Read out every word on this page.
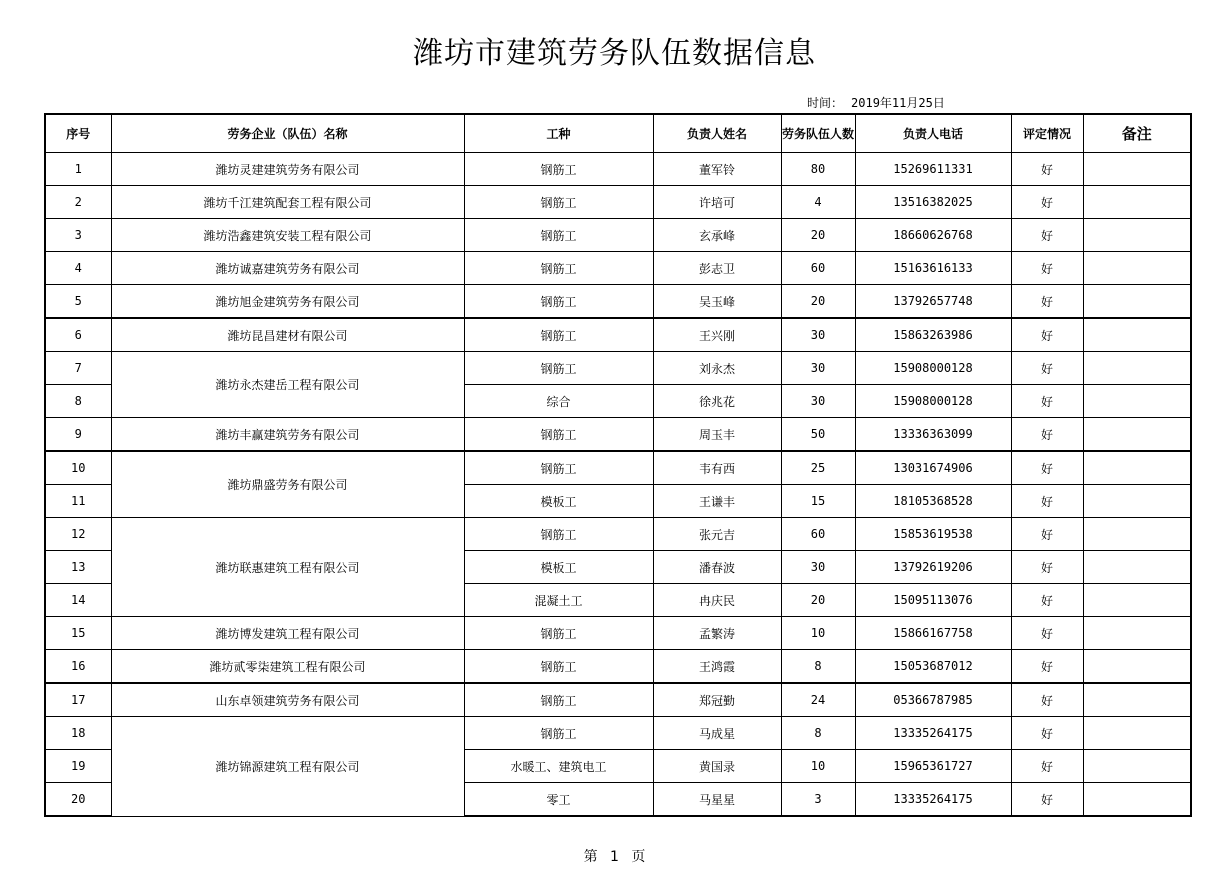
潍坊市建筑劳务队伍数据信息
时间： 2019年11月25日
序号	劳务企业（队伍）名称	工种	负责人姓名	劳务队伍人数	负责人电话	评定情况	备注
1	潍坊灵建建筑劳务有限公司	钢筋工	董军铃	80	15269611331	好	
2	潍坊千江建筑配套工程有限公司	钢筋工	许培可	4	13516382025	好	
3	潍坊浩鑫建筑安装工程有限公司	钢筋工	玄承峰	20	18660626768	好	
4	潍坊诚嘉建筑劳务有限公司	钢筋工	彭志卫	60	15163616133	好	
5	潍坊旭金建筑劳务有限公司	钢筋工	吴玉峰	20	13792657748	好	
6	潍坊昆昌建材有限公司	钢筋工	王兴刚	30	15863263986	好	
7	潍坊永杰建岳工程有限公司	钢筋工	刘永杰	30	15908000128	好	
8		综合	徐兆花	30	15908000128	好	
9	潍坊丰赢建筑劳务有限公司	钢筋工	周玉丰	50	13336363099	好	
10	潍坊鼎盛劳务有限公司	钢筋工	韦有西	25	13031674906	好	
11		模板工	王谦丰	15	18105368528	好	
12	潍坊联惠建筑工程有限公司	钢筋工	张元吉	60	15853619538	好	
13		模板工	潘春波	30	13792619206	好	
14		混凝土工	冉庆民	20	15095113076	好	
15	潍坊博发建筑工程有限公司	钢筋工	孟繁涛	10	15866167758	好	
16	潍坊贰零柒建筑工程有限公司	钢筋工	王鸿霞	8	15053687012	好	
17	山东卓领建筑劳务有限公司	钢筋工	郑冠勤	24	05366787985	好	
18	潍坊锦源建筑工程有限公司	钢筋工	马成星	8	13335264175	好	
19		水暖工、建筑电工	黄国录	10	15965361727	好	
20		零工	马星星	3	13335264175	好	
第 1 页
